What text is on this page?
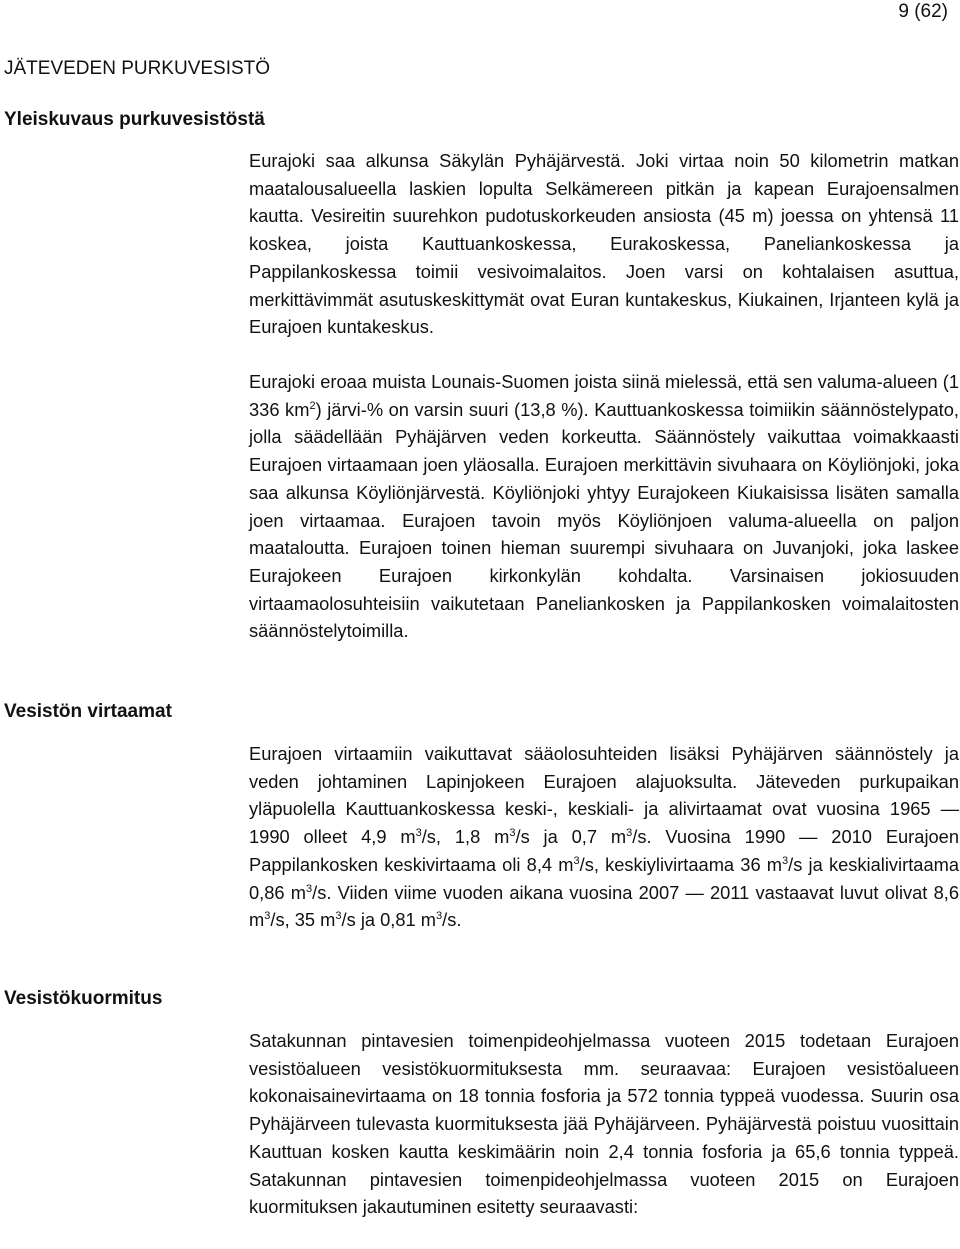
9 (62)
JÄTEVEDEN PURKUVESISTÖ
Yleiskuvaus purkuvesistöstä

Eurajoki saa alkunsa Säkylän Pyhäjärvestä. Joki virtaa noin 50 kilometrin matkan maatalousalueella laskien lopulta Selkämereen pitkän ja kapean Eurajoensalmen kautta. Vesireitin suurehkon pudotuskorkeuden ansiosta (45 m) joessa on yhtensä 11 koskea, joista Kauttuankoskessa, Eurakoskessa, Paneliankoskessa ja Pappilankoskessa toimii vesivoimalaitos. Joen varsi on kohtalaisen asuttua, merkittävimmät asutuskeskittymät ovat Euran kuntakeskus, Kiukainen, Irjanteen kylä ja Eurajoen kuntakeskus.

Eurajoki eroaa muista Lounais-Suomen joista siinä mielessä, että sen valuma-alueen (1 336 $km^2$) järvi-% on varsin suuri (13,8 %). Kauttuankoskessa toimiikin säännöstelypato, jolla säädellään Pyhäjärven veden korkeutta. Säännöstely vaikuttaa voimakkaasti Eurajoen virtaamaan joen yläosalla. Eurajoen merkittävin sivuhaara on Köyliönjoki, joka saa alkunsa Köyliönjärvestä. Köyliönjoki yhtyy Eurajokeen Kiukaisissa lisäten samalla joen virtaamaa. Eurajoen tavoin myös Köyliönjoen valuma-alueella on paljon maataloutta. Eurajoen toinen hieman suurempi sivuhaara on Juvanjoki, joka laskee Eurajokeen Eurajoen kirkonkylän kohdalta. Varsinaisen jokiosuuden virtaamaolosuhteisiin vaikutetaan Paneliankosken ja Pappilankosken voimalaitosten säännöstelytoimilla.

Vesistön virtaamat

Eurajoen virtaamiin vaikuttavat sääolosuhteiden lisäksi Pyhäjärven säännöstely ja veden johtaminen Lapinjokeen Eurajoen alajuoksulta. Jäteveden purkupaikan yläpuolella Kauttuankoskessa keski-, keskiali- ja alivirtaamat ovat vuosina 1965 — 1990 olleet 4,9 $m^3/s$, 1,8 $m^3/s$ ja 0,7 $m^3/s$. Vuosina 1990 — 2010 Eurajoen Pappilankosken keskivirtaama oli 8,4 $m^3/s$, keskiylivirtaama 36 $m^3/s$ ja keskialivirtaama 0,86 $m^3/s$. Viiden viime vuoden aikana vuosina 2007 — 2011 vastaavat luvut olivat 8,6 $m^3/s$, 35 $m^3/s$ ja 0,81 $m^3/s$.

Vesistökuormitus

Satakunnan pintavesien toimenpideohjelmassa vuoteen 2015 todetaan Eurajoen vesistöalueen vesistökuormituksesta mm. seuraavaa: Eurajoen vesistöalueen kokonaisainevirtaama on 18 tonnia fosforia ja 572 tonnia typpeä vuodessa. Suurin osa Pyhäjärveen tulevasta kuormituksesta jää Pyhäjärveen. Pyhäjärvestä poistuu vuosittain Kauttuan kosken kautta keskimäärin noin 2,4 tonnia fosforia ja 65,6 tonnia typpeä. Satakunnan pintavesien toimenpideohjelmassa vuoteen 2015 on Eurajoen kuormituksen jakautuminen esitetty seuraavasti:
